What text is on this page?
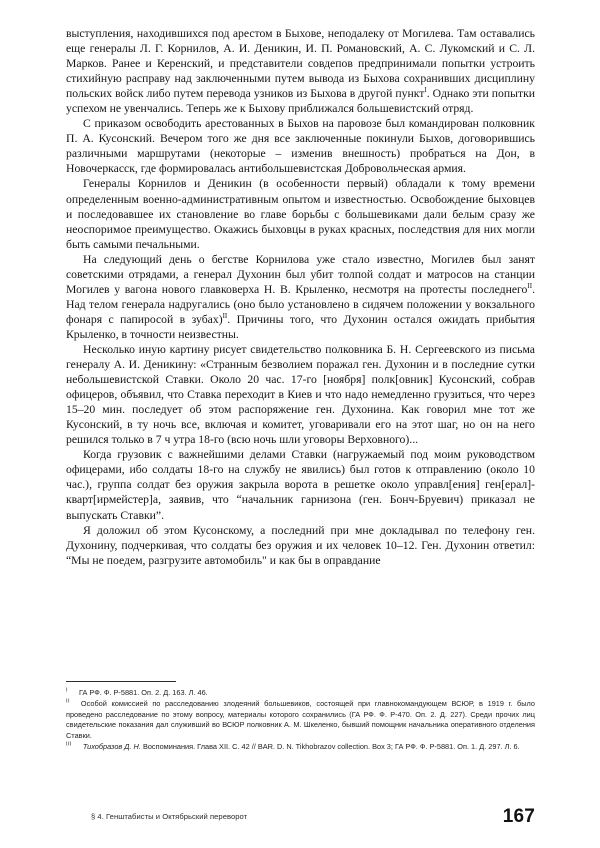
выступления, находившихся под арестом в Быхове, неподалеку от Могилева. Там оставались еще генералы Л. Г. Корнилов, А. И. Деникин, И. П. Романовский, А. С. Лукомский и С. Л. Марков. Ранее и Керенский, и представители совдепов предпринимали попытки устроить стихийную расправу над заключенными путем вывода из Быхова сохранивших дисциплину польских войск либо путем перевода узников из Быхова в другой пункт$^I$. Однако эти попытки успехом не увенчались. Теперь же к Быхову приближался большевистский отряд.

С приказом освободить арестованных в Быхов на паровозе был командирован полковник П. А. Кусонский. Вечером того же дня все заключенные покинули Быхов, договорившись различными маршрутами (некоторые – изменив внешность) пробраться на Дон, в Новочеркасск, где формировалась антибольшевистская Добровольческая армия.

Генералы Корнилов и Деникин (в особенности первый) обладали к тому времени определенным военно-административным опытом и известностью. Освобождение быховцев и последовавшее их становление во главе борьбы с большевиками дали белым сразу же неоспоримое преимущество. Окажись быховцы в руках красных, последствия для них могли быть самыми печальными.

На следующий день о бегстве Корнилова уже стало известно, Могилев был занят советскими отрядами, а генерал Духонин был убит толпой солдат и матросов на станции Могилев у вагона нового главковерха Н. В. Крыленко, несмотря на протесты последнего$^{II}$. Над телом генерала надругались (оно было установлено в сидячем положении у вокзального фонаря с папиросой в зубах)$^{II}$. Причины того, что Духонин остался ожидать прибытия Крыленко, в точности неизвестны.

Несколько иную картину рисует свидетельство полковника Б. Н. Сергеевского из письма генералу А. И. Деникину: «Странным безволием поражал ген. Духонин и в последние сутки небольшевистской Ставки. Около 20 час. 17-го [ноября] полк[овник] Кусонский, собрав офицеров, объявил, что Ставка переходит в Киев и что надо немедленно грузиться, что через 15–20 мин. последует об этом распоряжение ген. Духонина. Как говорил мне тот же Кусонский, в ту ночь все, включая и комитет, уговаривали его на этот шаг, но он на него решился только в 7 ч утра 18-го (всю ночь шли уговоры Верховного)...

Когда грузовик с важнейшими делами Ставки (нагружаемый под моим руководством офицерами, ибо солдаты 18-го на службу не явились) был готов к отправлению (около 10 час.), группа солдат без оружия закрыла ворота в решетке около управл[ения] ген[ерал]-кварт[ирмейстер]а, заявив, что “начальник гарнизона (ген. Бонч-Бруевич) приказал не выпускать Ставки”.

Я доложил об этом Кусонскому, а последний при мне докладывал по телефону ген. Духонину, подчеркивая, что солдаты без оружия и их человек 10–12. Ген. Духонин ответил: “Мы не поедем, разгрузите автомобиль" и как бы в оправдание

$^I$ ГА РФ. Ф. Р-5881. Оп. 2. Д. 163. Л. 46.

$^{II}$ Особой комиссией по расследованию злодеяний большевиков, состоящей при главнокомандующем ВСЮР, в 1919 г. было проведено расследование по этому вопросу, материалы которого сохранились (ГА РФ. Ф. Р-470. Оп. 2. Д. 227). Среди прочих лиц свидетельские показания дал служивший во ВСЮР полковник А. М. Шкеленко, бывший помощник начальника оперативного отделения Ставки.

$^{III}$ Тихобразов Д. Н. Воспоминания. Глава XII. С. 42 // BAR. D. N. Tikhobrazov collection. Box 3; ГА РФ. Ф. Р-5881. Оп. 1. Д. 297. Л. 6.

§ 4. Генштабисты и Октябрьский переворот	167
